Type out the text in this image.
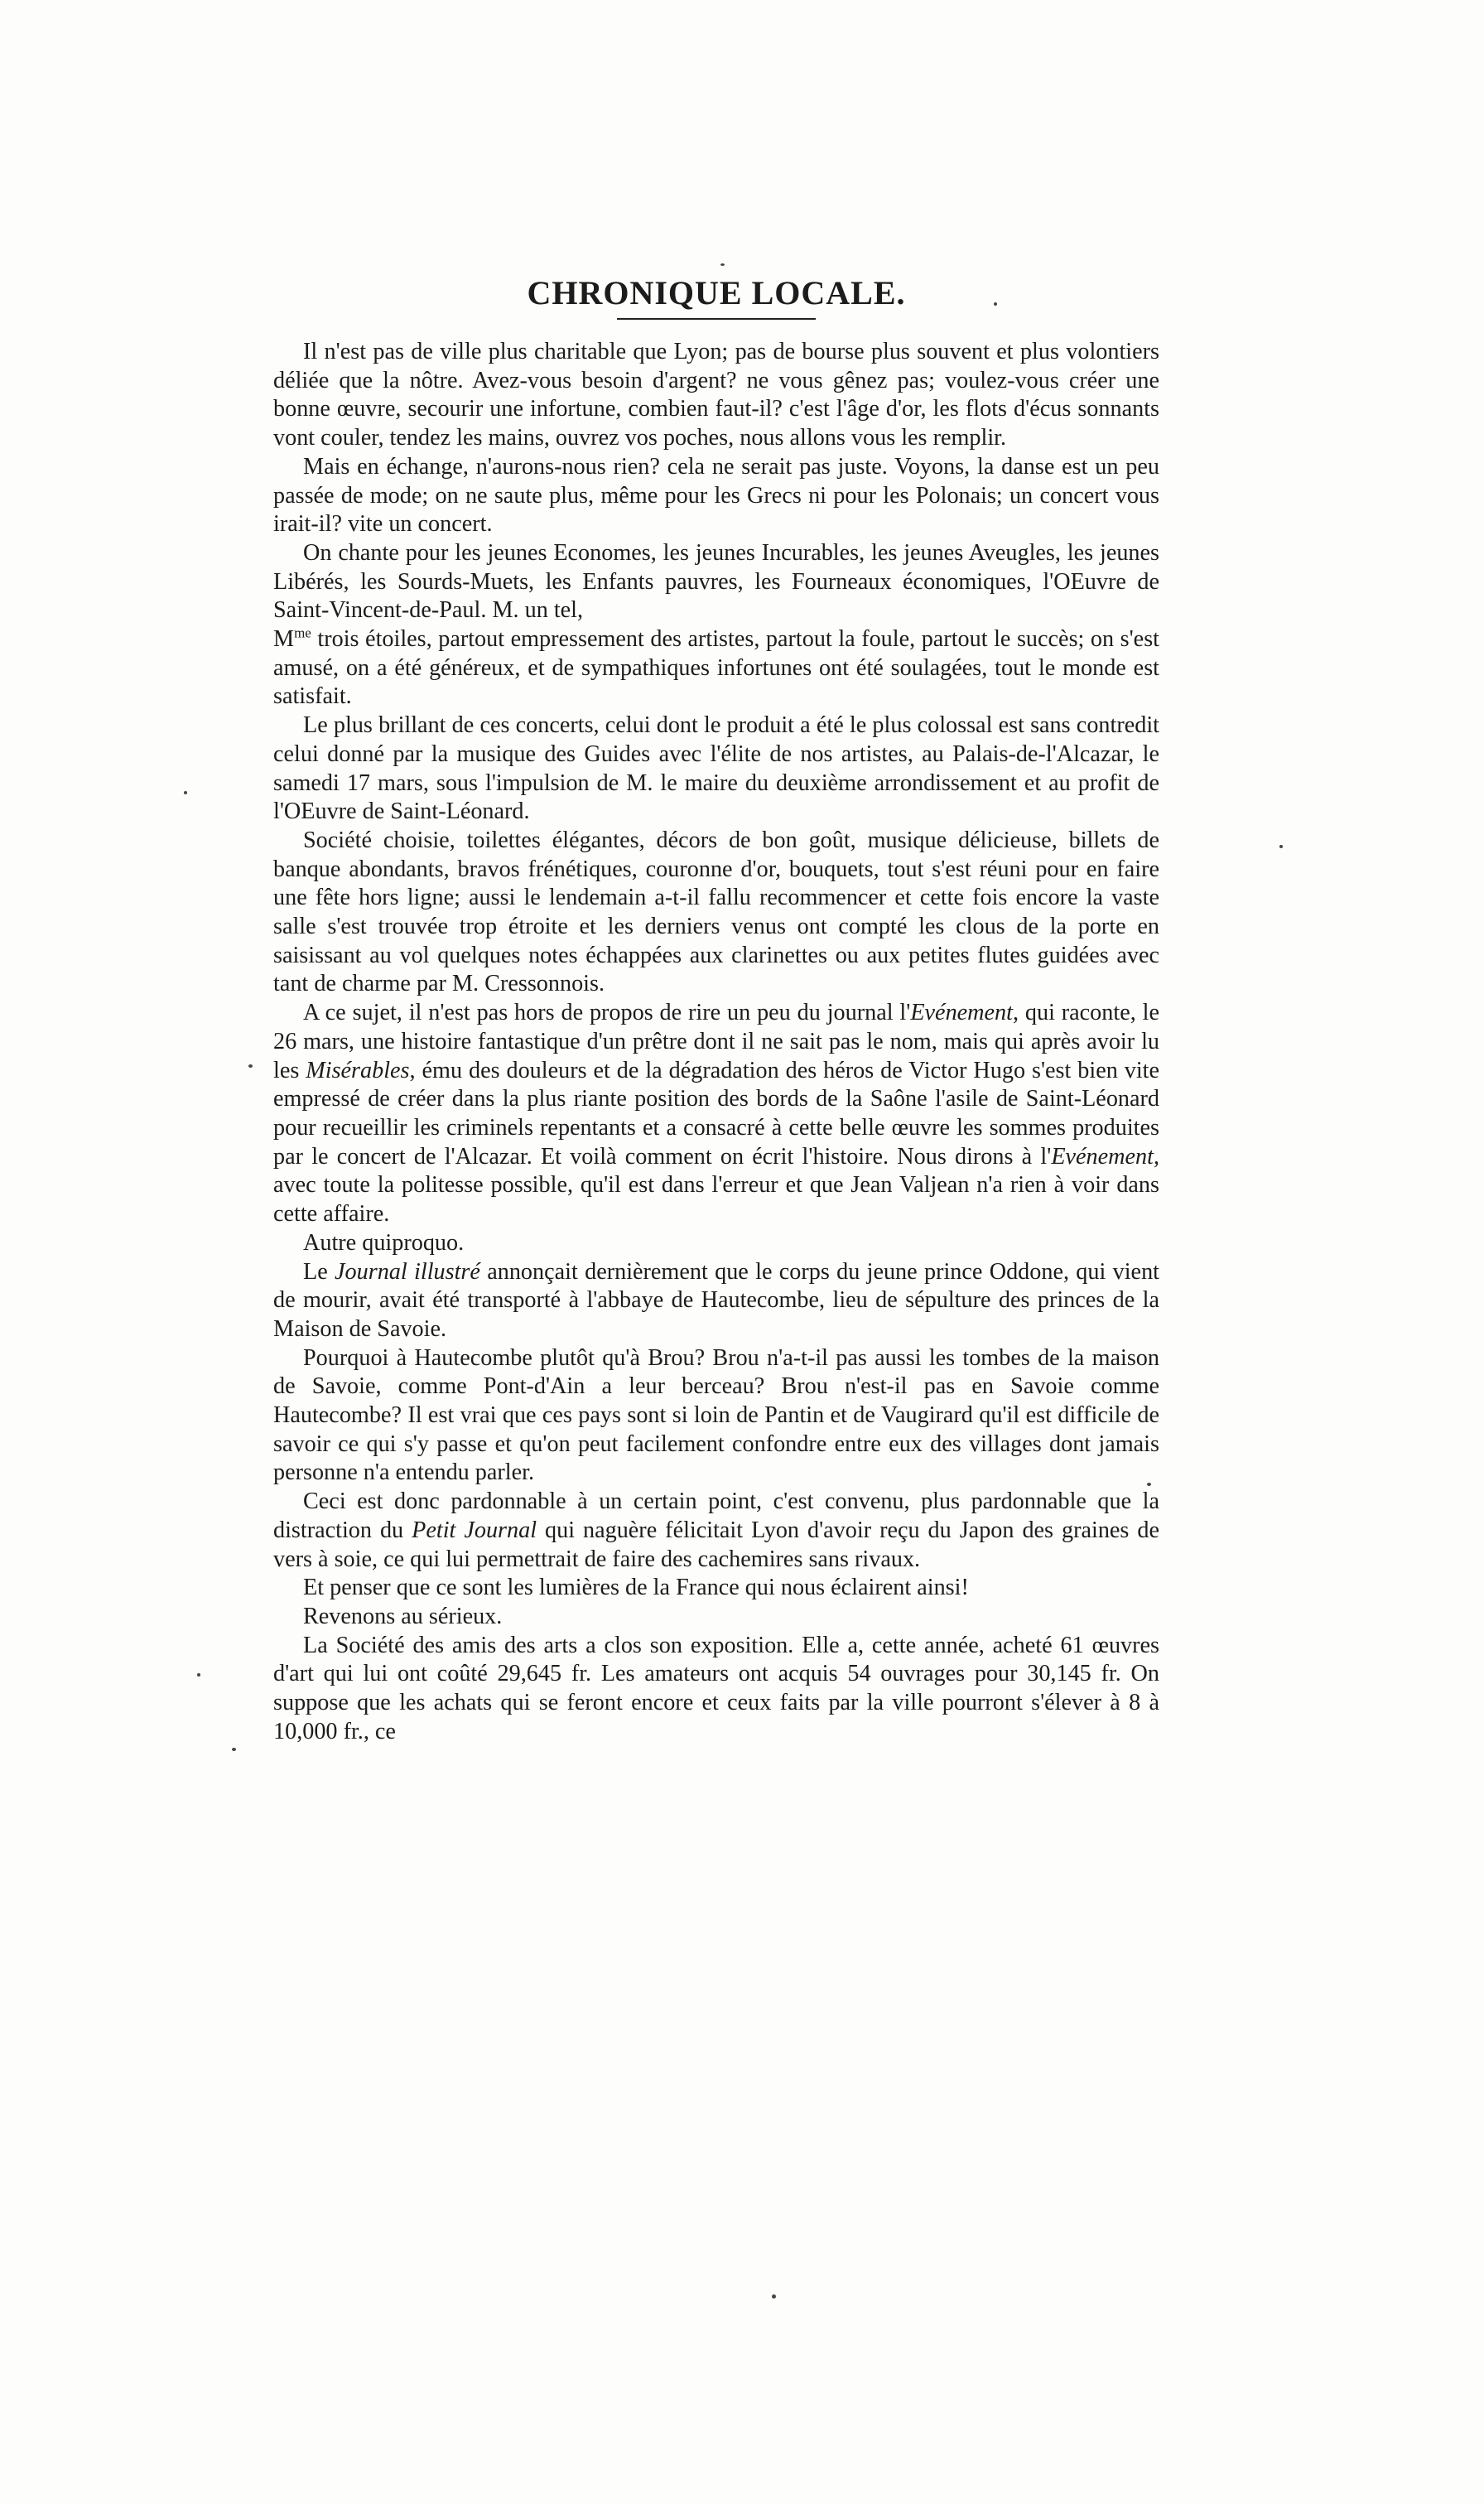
CHRONIQUE LOCALE.

Il n'est pas de ville plus charitable que Lyon; pas de bourse plus souvent et plus volontiers déliée que la nôtre. Avez-vous besoin d'argent? ne vous gênez pas; voulez-vous créer une bonne œuvre, secourir une infortune, combien faut-il? c'est l'âge d'or, les flots d'écus sonnants vont couler, tendez les mains, ouvrez vos poches, nous allons vous les remplir.

Mais en échange, n'aurons-nous rien? cela ne serait pas juste. Voyons, la danse est un peu passée de mode; on ne saute plus, même pour les Grecs ni pour les Polonais; un concert vous irait-il? vite un concert.

On chante pour les jeunes Economes, les jeunes Incurables, les jeunes Aveugles, les jeunes Libérés, les Sourds-Muets, les Enfants pauvres, les Fourneaux économiques, l'OEuvre de Saint-Vincent-de-Paul. M. un tel,
$M^{me}$ trois étoiles, partout empressement des artistes, partout la foule, partout le succès; on s'est amusé, on a été généreux, et de sympathiques infortunes ont été soulagées, tout le monde est satisfait.

Le plus brillant de ces concerts, celui dont le produit a été le plus colossal est sans contredit celui donné par la musique des Guides avec l'élite de nos artistes, au Palais-de-l'Alcazar, le samedi 17 mars, sous l'impulsion de M. le maire du deuxième arrondissement et au profit de l'OEuvre de Saint-Léonard.

Société choisie, toilettes élégantes, décors de bon goût, musique délicieuse, billets de banque abondants, bravos frénétiques, couronne d'or, bouquets, tout s'est réuni pour en faire une fête hors ligne; aussi le lendemain a-t-il fallu recommencer et cette fois encore la vaste salle s'est trouvée trop étroite et les derniers venus ont compté les clous de la porte en saisissant au vol quelques notes échappées aux clarinettes ou aux petites flutes guidées avec tant de charme par M. Cressonnois.

A ce sujet, il n'est pas hors de propos de rire un peu du journal l'Evénement, qui raconte, le 26 mars, une histoire fantastique d'un prêtre dont il ne sait pas le nom, mais qui après avoir lu les Misérables, ému des douleurs et de la dégradation des héros de Victor Hugo s'est bien vite empressé de créer dans la plus riante position des bords de la Saône l'asile de Saint-Léonard pour recueillir les criminels repentants et a consacré à cette belle œuvre les sommes produites par le concert de l'Alcazar. Et voilà comment on écrit l'histoire. Nous dirons à l'Evénement, avec toute la politesse possible, qu'il est dans l'erreur et que Jean Valjean n'a rien à voir dans cette affaire.

Autre quiproquo.

Le Journal illustré annonçait dernièrement que le corps du jeune prince Oddone, qui vient de mourir, avait été transporté à l'abbaye de Hautecombe, lieu de sépulture des princes de la Maison de Savoie.

Pourquoi à Hautecombe plutôt qu'à Brou? Brou n'a-t-il pas aussi les tombes de la maison de Savoie, comme Pont-d'Ain a leur berceau? Brou n'est-il pas en Savoie comme Hautecombe? Il est vrai que ces pays sont si loin de Pantin et de Vaugirard qu'il est difficile de savoir ce qui s'y passe et qu'on peut facilement confondre entre eux des villages dont jamais personne n'a entendu parler.

Ceci est donc pardonnable à un certain point, c'est convenu, plus pardonnable que la distraction du Petit Journal qui naguère félicitait Lyon d'avoir reçu du Japon des graines de vers à soie, ce qui lui permettrait de faire des cachemires sans rivaux.

Et penser que ce sont les lumières de la France qui nous éclairent ainsi!

Revenons au sérieux.

La Société des amis des arts a clos son exposition. Elle a, cette année, acheté 61 œuvres d'art qui lui ont coûté 29,645 fr. Les amateurs ont acquis 54 ouvrages pour 30,145 fr. On suppose que les achats qui se feront encore et ceux faits par la ville pourront s'élever à 8 à 10,000 fr., ce
